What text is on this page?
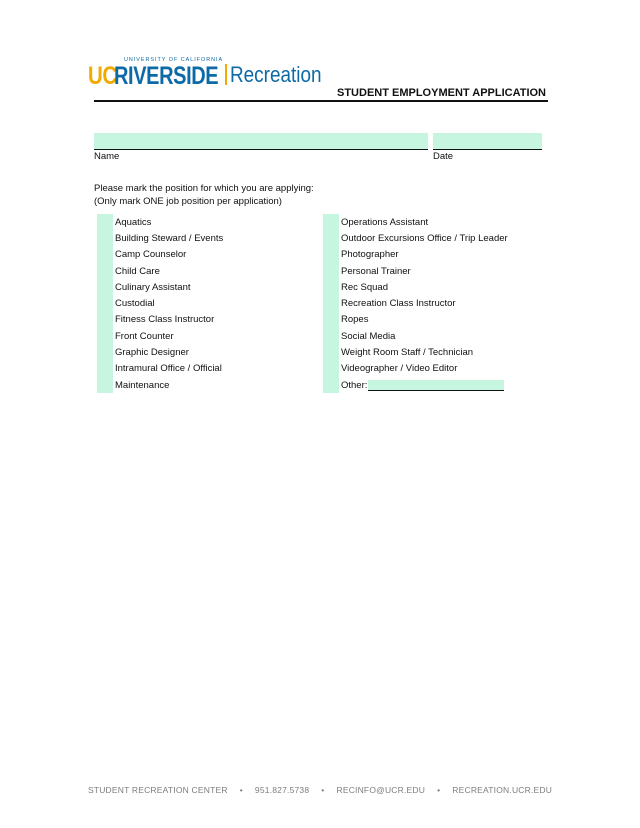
UNIVERSITY OF CALIFORNIA
UC
RIVERSIDE Recreation
STUDENT EMPLOYMENT APPLICATION
Name	Date
Please mark the position for which you are applying:
(Only mark ONE job position per application)
Aquatics
Building Steward / Events
Camp Counselor
Child Care
Culinary Assistant
Custodial
Fitness Class Instructor
Front Counter
Graphic Designer
Intramural Office / Official
Maintenance
Operations Assistant
Outdoor Excursions Office / Trip Leader
Photographer
Personal Trainer
Rec Squad
Recreation Class Instructor
Ropes
Social Media
Weight Room Staff / Technician
Videographer / Video Editor
Other:
STUDENT RECREATION CENTER • 951.827.5738 • RECINFO@UCR.EDU • RECREATION.UCR.EDU
